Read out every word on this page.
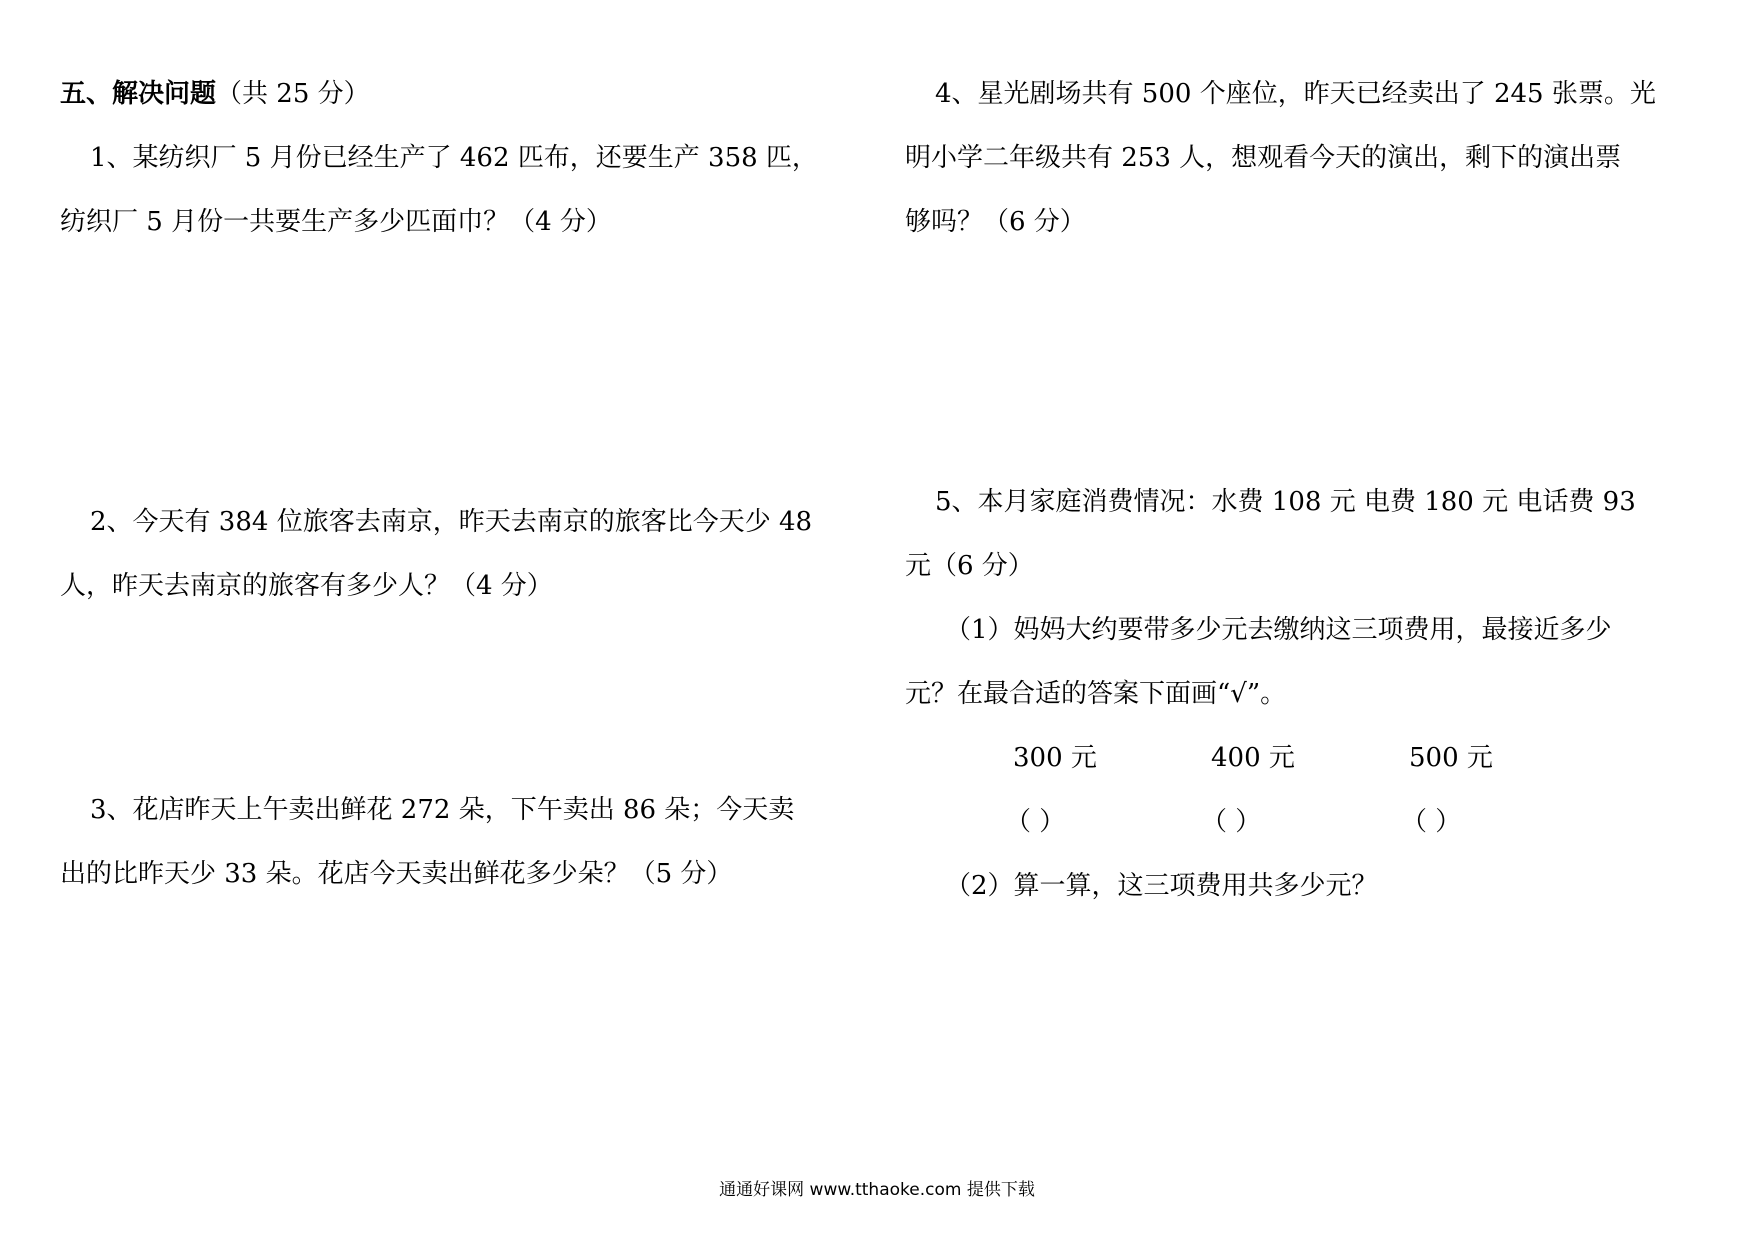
五、解决问题（共 25 分）
1、某纺织厂 5 月份已经生产了 462 匹布，还要生产 358 匹，
纺织厂 5 月份一共要生产多少匹面巾？（4 分）
2、今天有 384 位旅客去南京，昨天去南京的旅客比今天少 48
人，昨天去南京的旅客有多少人？（4 分）
3、花店昨天上午卖出鲜花 272 朵，下午卖出 86 朵；今天卖
出的比昨天少 33 朵。花店今天卖出鲜花多少朵？（5 分）
4、星光剧场共有 500 个座位，昨天已经卖出了 245 张票。光
明小学二年级共有 253 人，想观看今天的演出，剩下的演出票
够吗？（6 分）
5、本月家庭消费情况：水费 108 元 电费 180 元 电话费 93
元（6 分）
（1）妈妈大约要带多少元去缴纳这三项费用，最接近多少
元？在最合适的答案下面画“√”。
300 元	400 元	500 元
（ ）	（ ）	（ ）
（2）算一算，这三项费用共多少元？
通通好课网 www.tthaoke.com 提供下载
